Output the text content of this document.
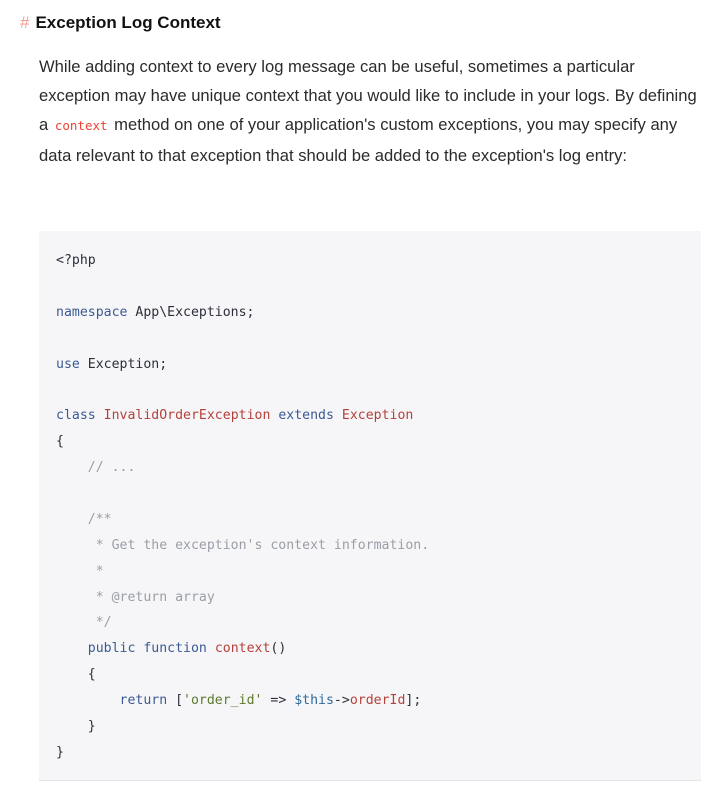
# Exception Log Context

While adding context to every log message can be useful, sometimes a particular exception may have unique context that you would like to include in your logs. By defining a context method on one of your application's custom exceptions, you may specify any data relevant to that exception that should be added to the exception's log entry:

<?php

namespace App\Exceptions;

use Exception;

class InvalidOrderException extends Exception
{
// ...

/**
* Get the exception's context information.
*
* @return array
*/
public function context()
{
return ['order_id' => $this->orderId];
}
}
